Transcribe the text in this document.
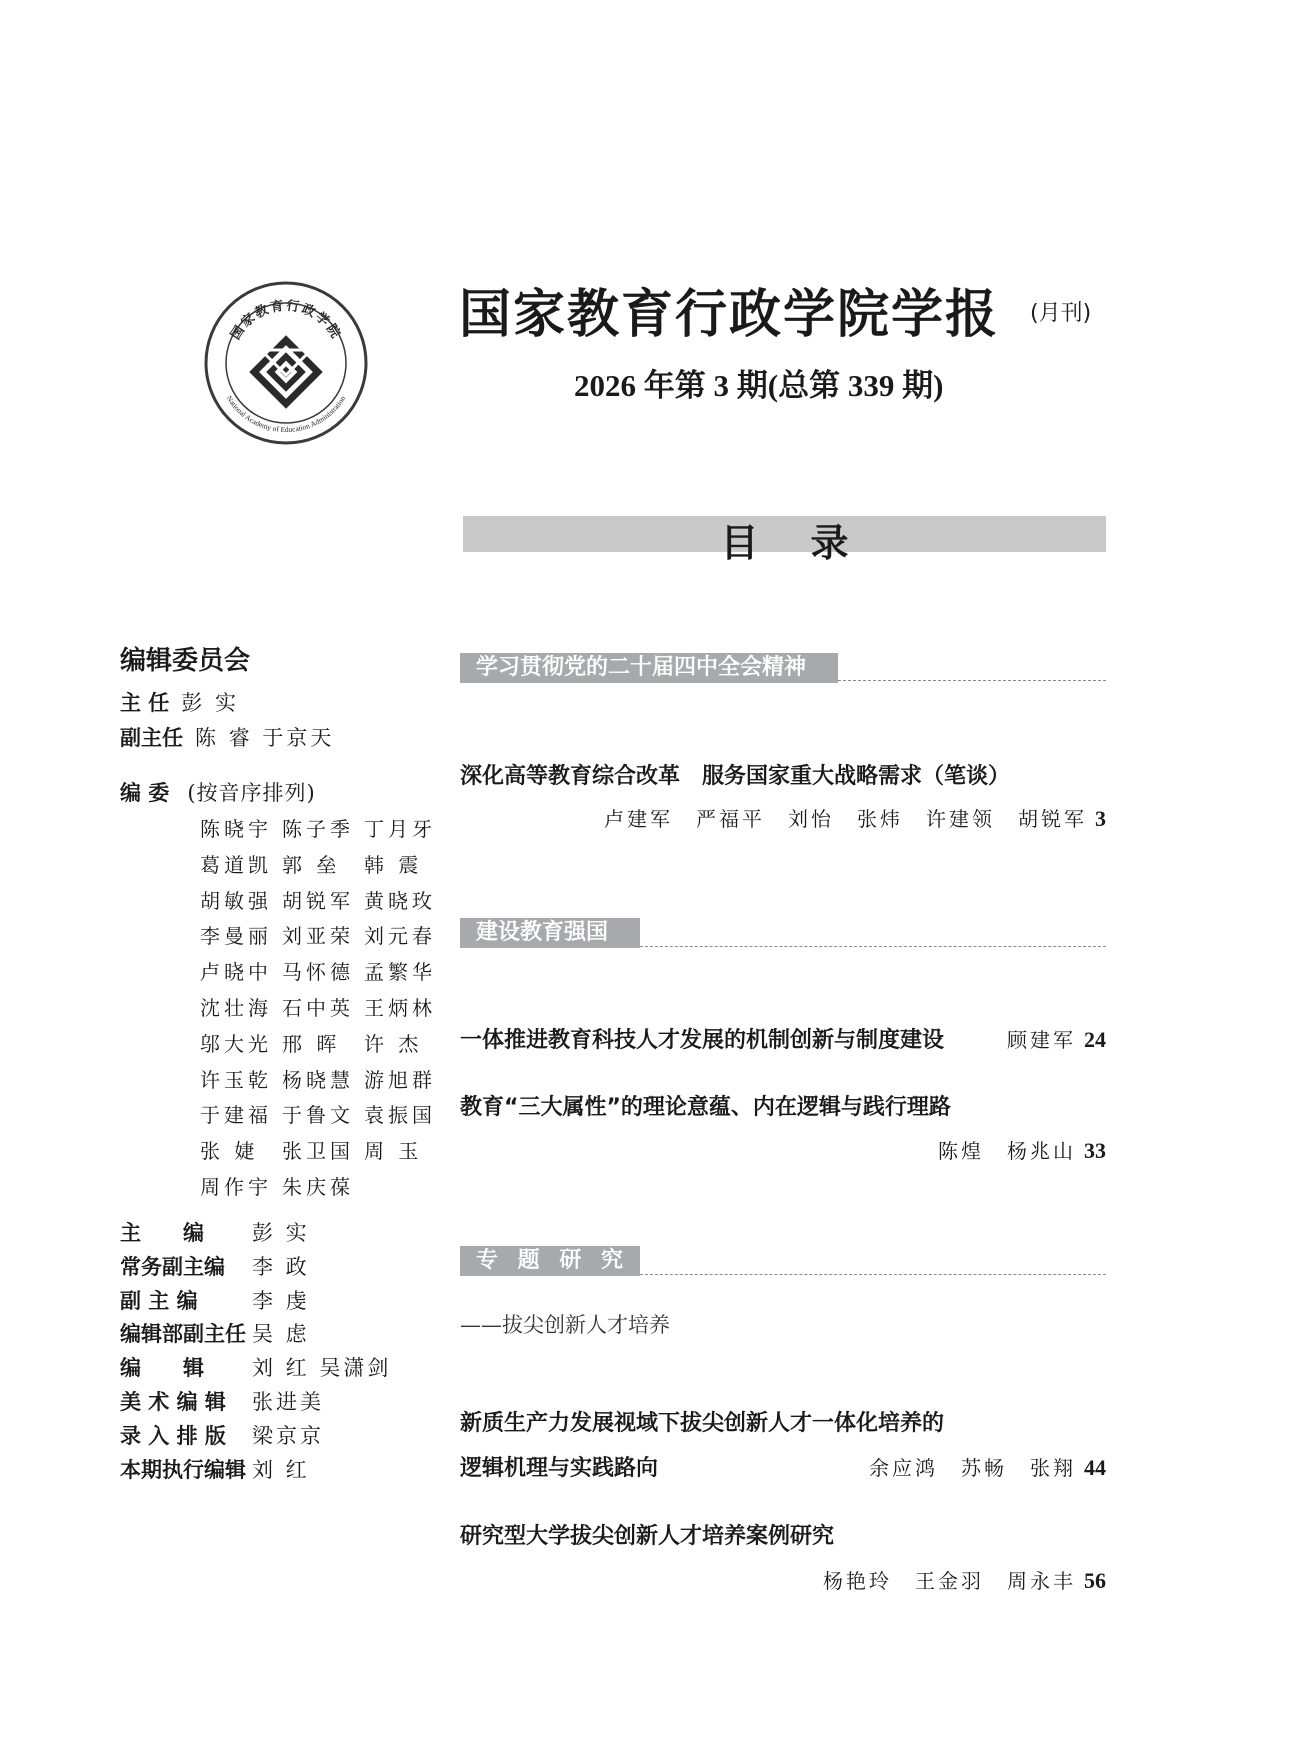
国家教育行政学院
National Academy of Education Administration
国家教育行政学院学报 (月刊)
2026 年第 3 期(总第 339 期)
目录
编辑委员会
主 任 彭 实
副主任 陈 睿 于京天
编 委 (按音序排列)
陈晓宇 陈子季 丁月牙
葛道凯 郭 垒 韩 震
胡敏强 胡锐军 黄晓玫
李曼丽 刘亚荣 刘元春
卢晓中 马怀德 孟繁华
沈壮海 石中英 王炳林
邬大光 邢 晖 许 杰
许玉乾 杨晓慧 游旭群
于建福 于鲁文 袁振国
张 婕 张卫国 周 玉
周作宇 朱庆葆
主　　编 彭 实
常务副主编 李 政
副 主 编	李 虔
编辑部副主任 吴 虑
编　　辑 刘 红 吴潇剑
美 术 编 辑 张进美
录 入 排 版 梁京京
本期执行编辑 刘 红
学习贯彻党的二十届四中全会精神
深化高等教育综合改革　服务国家重大战略需求（笔谈）
卢建军　严福平　刘怡　张炜　许建领　胡锐军 3
建设教育强国
一体推进教育科技人才发展的机制创新与制度建设	顾建军 24
教育“三大属性”的理论意蕴、内在逻辑与践行理路
陈煌　杨兆山 33
专 题 研 究
——拔尖创新人才培养
新质生产力发展视域下拔尖创新人才一体化培养的
逻辑机理与实践路向	余应鸿　苏畅　张翔 44
研究型大学拔尖创新人才培养案例研究
杨艳玲　王金羽　周永丰 56
